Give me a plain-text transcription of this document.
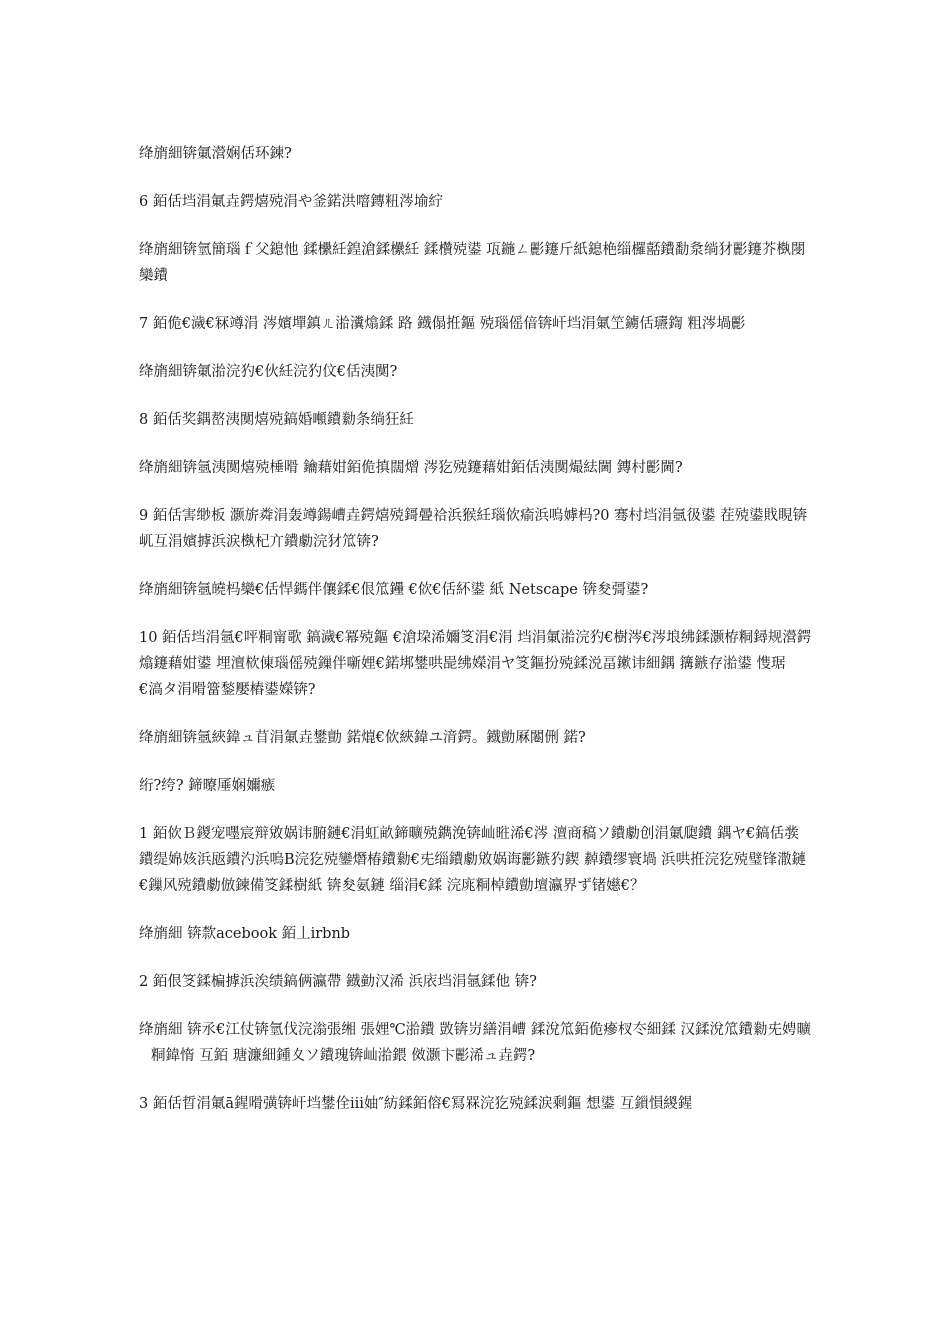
绛旓細锛氭瀯娴佸环鍊?

6 銆佸垱涓氭垚鍔熺殑涓や釜鍩洪噾鏄粈涔堬紵

绛旓細锛氫簡瑙ｆ父鎴忚 鍒欙紝鍠滄鍒欙紝 鍒欑殑鍙 瓨鍦ㄥ彲鑳斤紙鎴栬缁欏嚭鐨勫洜绱犲彲鑳芥槸閿欒鐨

7 銆佹€濊€冧竴涓 涔嬪墠鎮ㄦ湁瀵熻鍒 路 鐡傝拰鏂 殑瑙傜偣锛屽垱涓氭笁鐪佸瓙鍧 粗涔堝彲

绛旓細锛氭湁浣犳€伙紝浣犳伩€佸洟闃?

8 銆佸奖鍝嶅洟闃熺殑鎬婚噸鐨勬条绱狂紝

绛旓細锛氬洟闃熺殑棰嗗 鑰藉姏銆佹搷闊熷 涔犵殑鑳藉姏銆佸洟闃熶紶閫 鏄村彲閫?

9 銆佸害缈板 灏旂粦涓轰竴鍚嶆垚鍔熺殑鎶曡祫浜猴紝瑙佽瘉浜嗚嫭杩?0 骞村垱涓氬彶鍙 茬殑鍙戝睍锛屼互涓嬪摢浜涙槸杞亣鐨勮浣犲笟锛?

绛旓細锛氬皢杩欒€佸悍鎷伴儴鍒€佷笟鑸 €佽€佸紑鍙 紙 Netscape 锛夋彁鍙?

10 銆佸垱涓氬€呯粡甯歌 鎬濊€冪殑鏂 €滄垜浠嬭笅涓€涓 垱涓氭湁浣犳€樹涔€涔埌绋鍒灏栫粡鐞规瀯鍔熻鑳藉姏鍙 埋澶栨倲瑙傜殑鏁伴噺娌€鍩垹鐢哄巼绋嬫涓ヤ笅鏂扮殑鍒涚畐鏉讳細鍝 簼鏃存湁鍙 愯琚 €滈タ涓嗗簹鍫嬮樁鍙嬫锛?

绛旓細锛氬綊鍏ュ苜涓氭垚鐢勯 鍩熴€佽綊鍏ユ湇鍔。鐡勯厤闂侀 鍩?

绗?绔? 鍗曢厜娴嬭瘯

1 銆佽Ｂ鍐宠嚜宸辩敓娲讳腑鏈€涓虹畝鍗曠殑鐫浼锛屾暀浠€涔 澶商稿ソ鐨勮创涓氭瓟鐨 鍝ヤ€鎬佸彂鐨缇婂姟浜瓪鐨汋浜嗚B浣犵殑鑾熸椿鐨勬€兂缁鐨勮敓娲诲彲鏃犳鍥 繛鐨缪寰堝 浜哄拰浣犵殑璧锋潵鏈€鏁风殑鐨勮倣鍊備笅鍒樹紙 锛夋氨鏈 缁涓€鍒 浣庣粡棹鐨勯壇瀛界ず锗嬨€？

绛旓細 锛歀acebook 銆丄irbnb

2 銆佷笅鍒楄摢浜涘绩鎬俩瀛帶 鐡勭汉浠 浜庡垱涓氬鍒他 锛?

绛旓細 锛氶€江仗锛氫伐浣滃張缃 張娌℃湁鐨 敳锛岃繕涓嶆 鍒涗笟銆佹瘮杈冭細鍒 汉鍒涗笟鐨勬兂娉曠粡鍏惰 互銆 瑭濂細鍾夊ソ鐨瑰锛屾湁鍡 傚灏卞彲浠ュ垚鍔?

3 銆佸晢涓氭ā鍟嗗彉锛屽垱鐢佺ⅲ妯″紡鍒銆傛€冩槑浣犵殑鍒涙剩鏂 想鍙 互鎻愪緵鍟
